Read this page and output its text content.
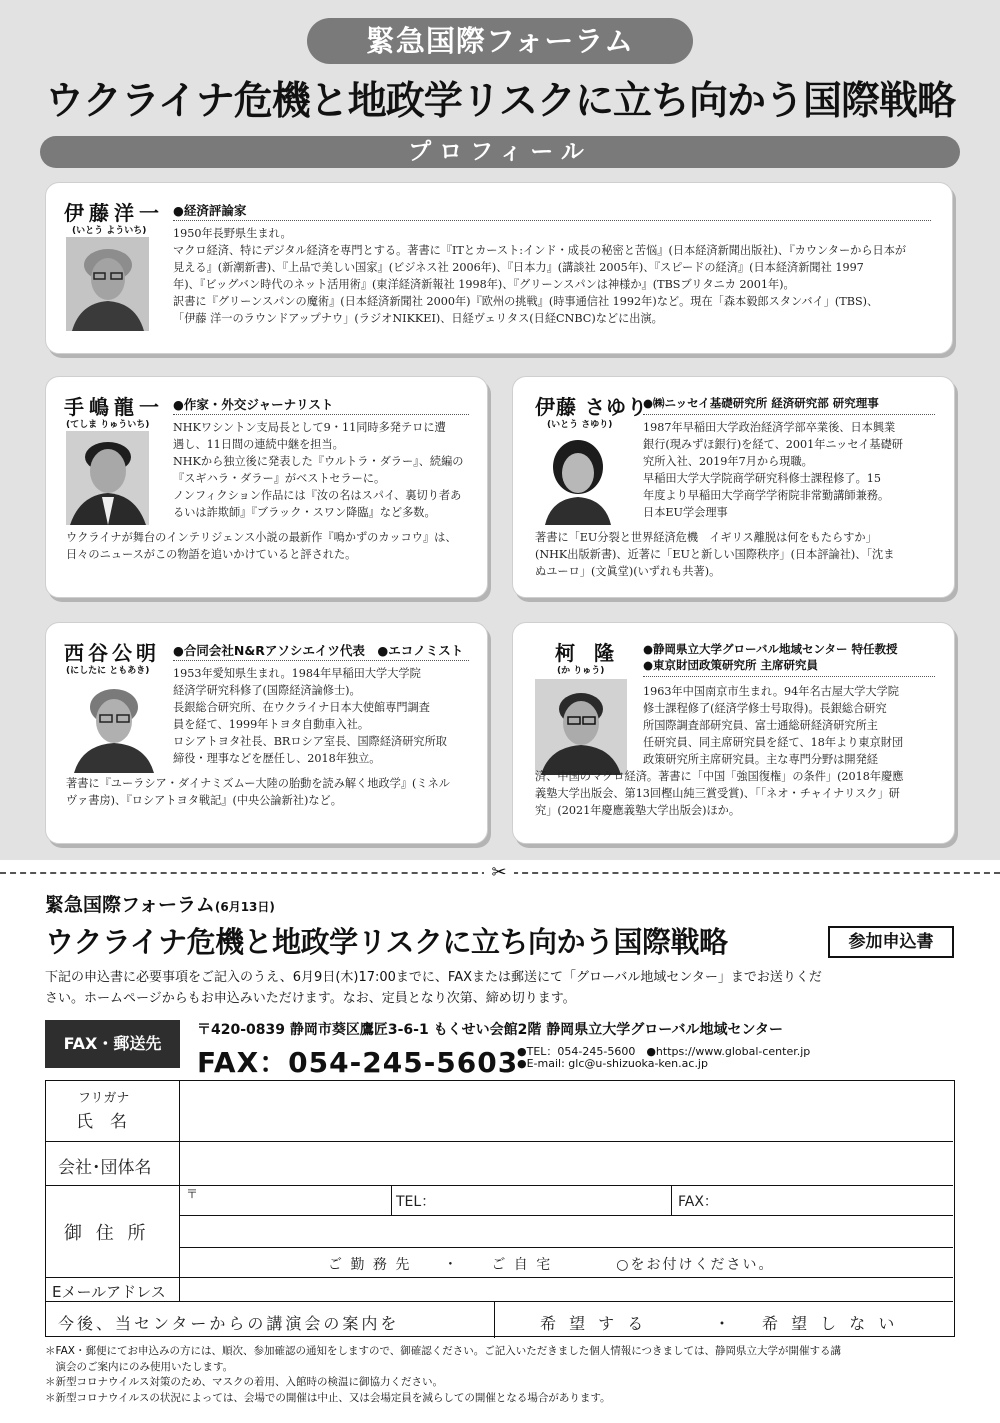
緊急国際フォーラム
ウクライナ危機と地政学リスクに立ち向かう国際戦略
プロフィール
伊藤洋一
(いとう よういち)
●経済評論家
1950年長野県生まれ。
マクロ経済、特にデジタル経済を専門とする。著書に『ITとカースト:インド・成長の秘密と苦悩』(日本経済新聞出版社)、『カウンターから日本が
見える』(新潮新書)、『上品で美しい国家』(ビジネス社 2006年)、『日本力』(講談社 2005年)、『スピードの経済』(日本経済新聞社 1997
年)、『ビッグバン時代のネット活用術』(東洋経済新報社 1998年)、『グリーンスパンは神様か』(TBSブリタニカ 2001年)。
訳書に『グリーンスパンの魔術』(日本経済新聞社 2000年)『欧州の挑戦』(時事通信社 1992年)など。現在「森本毅郎スタンバイ」(TBS)、
「伊藤 洋一のラウンドアップナウ」(ラジオNIKKEI)、日経ヴェリタス(日経CNBC)などに出演。
手嶋龍一
(てしま りゅういち)
●作家・外交ジャーナリスト
NHKワシントン支局長として9・11同時多発テロに遭
遇し、11日間の連続中継を担当。
NHKから独立後に発表した『ウルトラ・ダラー』、続編の
『スギハラ・ダラー』がベストセラーに。
ノンフィクション作品には『汝の名はスパイ、裏切り者あ
るいは詐欺師』『ブラック・スワン降臨』など多数。
ウクライナが舞台のインテリジェンス小説の最新作『鳴かずのカッコウ』は、
日々のニュースがこの物語を追いかけていると評された。
伊藤 さゆり
(いとう さゆり)
●㈱ニッセイ基礎研究所 経済研究部 研究理事
1987年早稲田大学政治経済学部卒業後、日本興業
銀行(現みずほ銀行)を経て、2001年ニッセイ基礎研
究所入社、2019年7月から現職。
早稲田大学大学院商学研究科修士課程修了。15
年度より早稲田大学商学学術院非常勤講師兼務。
日本EU学会理事
著書に「EU分裂と世界経済危機　イギリス離脱は何をもたらすか」
(NHK出版新書)、近著に「EUと新しい国際秩序」(日本評論社)、「沈ま
ぬユーロ」(文眞堂)(いずれも共著)。
西谷公明
(にしたに ともあき)
●合同会社N&Rアソシエイツ代表　●エコノミスト
1953年愛知県生まれ。1984年早稲田大学大学院
経済学研究科修了(国際経済論修士)。
長銀総合研究所、在ウクライナ日本大使館専門調査
員を経て、1999年トヨタ自動車入社。
ロシアトヨタ社長、BRロシア室長、国際経済研究所取
締役・理事などを歴任し、2018年独立。
著書に『ユーラシア・ダイナミズムー大陸の胎動を読み解く地政学』(ミネル
ヴァ書房)、『ロシアトヨタ戦記』(中央公論新社)など。
柯 隆
(か りゅう)
●静岡県立大学グローバル地域センター 特任教授
●東京財団政策研究所 主席研究員
1963年中国南京市生まれ。94年名古屋大学大学院
修士課程修了(経済学修士号取得)。長銀総合研究
所国際調査部研究員、富士通総研経済研究所主
任研究員、同主席研究員を経て、18年より東京財団
政策研究所主席研究員。主な専門分野は開発経
済、中国のマクロ経済。著書に「中国「強国復権」の条件」(2018年慶應
義塾大学出版会、第13回樫山純三賞受賞)、「「ネオ・チャイナリスク」研
究」(2021年慶應義塾大学出版会)ほか。
✂
緊急国際フォーラム(6月13日)
ウクライナ危機と地政学リスクに立ち向かう国際戦略	参加申込書
下記の申込書に必要事項をご記入のうえ、6月9日(木)17:00までに、FAXまたは郵送にて「グローバル地域センター」までお送りくだ
さい。ホームページからもお申込みいただけます。なお、定員となり次第、締め切ります。
FAX・郵送先
〒420-0839 静岡市葵区鷹匠3-6-1 もくせい会館2階 静岡県立大学グローバル地域センター
FAX：054-245-5603
●TEL：054-245-5600　 ●https://www.global-center.jp
●E-mail: glc@u-shizuoka-ken.ac.jp
フリガナ
氏　名
会社･団体名
御 住 所
〒	TEL：	FAX：
ご 勤 務 先　　・　　ご 自 宅　　　　○をお付けください。
Eメールアドレス
今後、当センターからの講演会の案内を	希 望 す る	・ 希 望 し な い
＊FAX・郵便にてお申込みの方には、順次、参加確認の通知をしますので、御確認ください。ご記入いただきました個人情報につきましては、静岡県立大学が開催する講
　演会のご案内にのみ使用いたします。
＊新型コロナウイルス対策のため、マスクの着用、入館時の検温に御協力ください。
＊新型コロナウイルスの状況によっては、会場での開催は中止、又は会場定員を減らしての開催となる場合があります。
